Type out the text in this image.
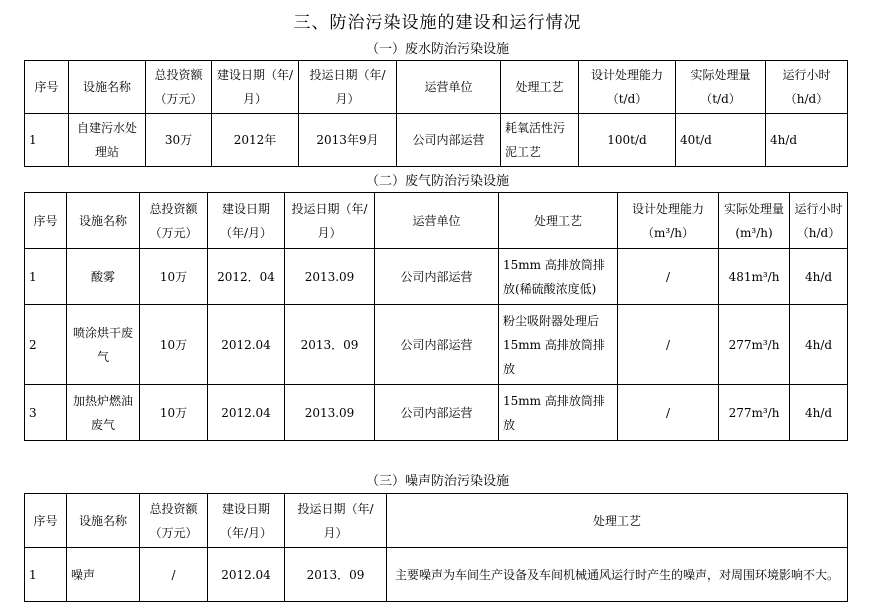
三、防治污染设施的建设和运行情况
（一）废水防治污染设施
序号	设施名称	总投资额（万元）	建设日期（年/月）	投运日期（年/月）	运营单位	处理工艺	设计处理能力（t/d）	实际处理量（t/d）	运行小时（h/d）
1	自建污水处理站	30万	2012年	2013年9月	公司内部运营	耗氧活性污泥工艺	100t/d	40t/d	4h/d
（二）废气防治污染设施
序号	设施名称	总投资额（万元）	建设日期（年/月）	投运日期（年/月）	运营单位	处理工艺	设计处理能力（m³/h）	实际处理量(m³/h)	运行小时（h/d）
1	酸雾	10万	2012．04	2013.09	公司内部运营	15mm 高排放筒排放(稀硫酸浓度低)	/	481m³/h	4h/d
2	喷涂烘干废气	10万	2012.04	2013．09	公司内部运营	粉尘吸附器处理后15mm 高排放筒排放	/	277m³/h	4h/d
3	加热炉燃油废气	10万	2012.04	2013.09	公司内部运营	15mm 高排放筒排放	/	277m³/h	4h/d
（三）噪声防治污染设施
序号	设施名称	总投资额（万元）	建设日期（年/月）	投运日期（年/月）	处理工艺
1	噪声	/	2012.04	2013．09	主要噪声为车间生产设备及车间机械通风运行时产生的噪声，对周围环境影响不大。
